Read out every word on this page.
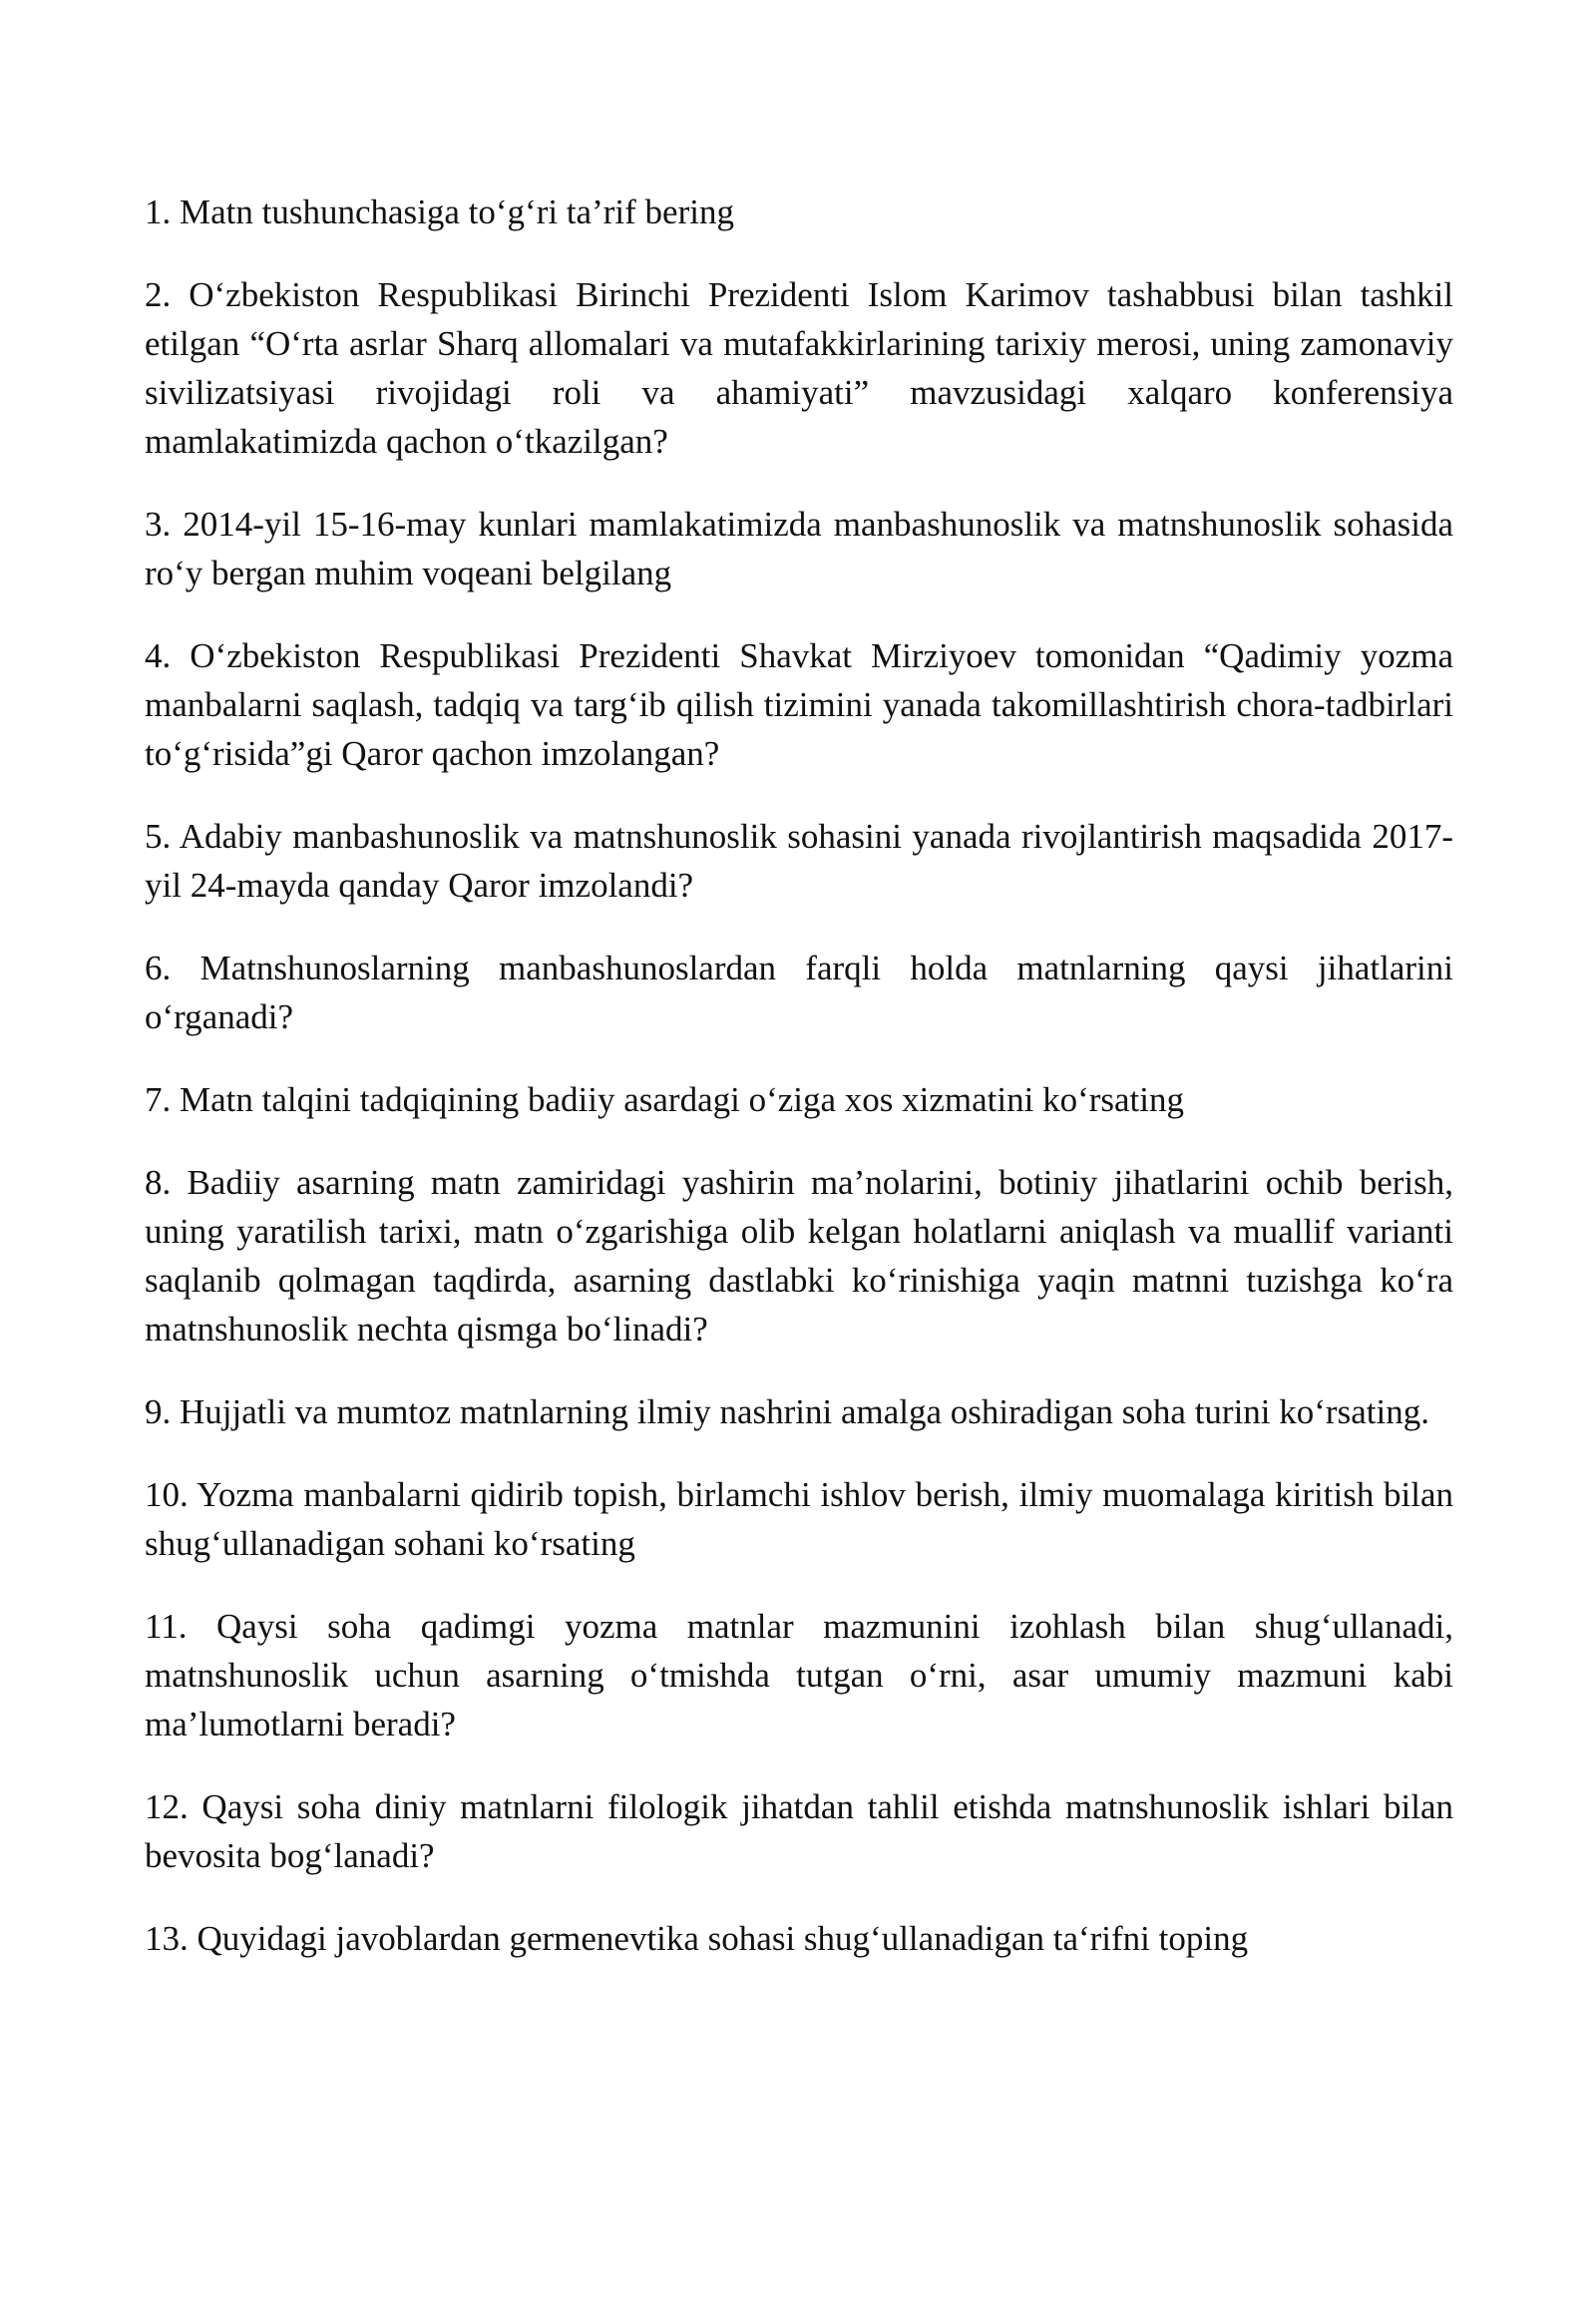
1. Matn tushunchasiga to‘g‘ri ta’rif bering

2. O‘zbekiston Respublikasi Birinchi Prezidenti Islom Karimov tashabbusi bilan tashkil etilgan “O‘rta asrlar Sharq allomalari va mutafakkirlarining tarixiy merosi, uning zamonaviy sivilizatsiyasi rivojidagi roli va ahamiyati” mavzusidagi xalqaro konferensiya mamlakatimizda qachon o‘tkazilgan?

3. 2014-yil 15-16-may kunlari mamlakatimizda manbashunoslik va matnshunoslik sohasida ro‘y bergan muhim voqeani belgilang

4. O‘zbekiston Respublikasi Prezidenti Shavkat Mirziyoev tomonidan “Qadimiy yozma manbalarni saqlash, tadqiq va targ‘ib qilish tizimini yanada takomillashtirish chora-tadbirlari to‘g‘risida”gi Qaror qachon imzolangan?

5. Adabiy manbashunoslik va matnshunoslik sohasini yanada rivojlantirish maqsadida 2017-yil 24-mayda qanday Qaror imzolandi?

6. Matnshunoslarning manbashunoslardan farqli holda matnlarning qaysi jihatlarini o‘rganadi?

7. Matn talqini tadqiqining badiiy asardagi o‘ziga xos xizmatini ko‘rsating

8. Badiiy asarning matn zamiridagi yashirin ma’nolarini, botiniy jihatlarini ochib berish, uning yaratilish tarixi, matn o‘zgarishiga olib kelgan holatlarni aniqlash va muallif varianti saqlanib qolmagan taqdirda, asarning dastlabki ko‘rinishiga yaqin matnni tuzishga ko‘ra matnshunoslik nechta qismga bo‘linadi?

9. Hujjatli va mumtoz matnlarning ilmiy nashrini amalga oshiradigan soha turini ko‘rsating.

10. Yozma manbalarni qidirib topish, birlamchi ishlov berish, ilmiy muomalaga kiritish bilan shug‘ullanadigan sohani ko‘rsating

11. Qaysi soha qadimgi yozma matnlar mazmunini izohlash bilan shug‘ullanadi, matnshunoslik uchun asarning o‘tmishda tutgan o‘rni, asar umumiy mazmuni kabi ma’lumotlarni beradi?

12. Qaysi soha diniy matnlarni filologik jihatdan tahlil etishda matnshunoslik ishlari bilan bevosita bog‘lanadi?

13. Quyidagi javoblardan germenevtika sohasi shug‘ullanadigan ta‘rifni toping
